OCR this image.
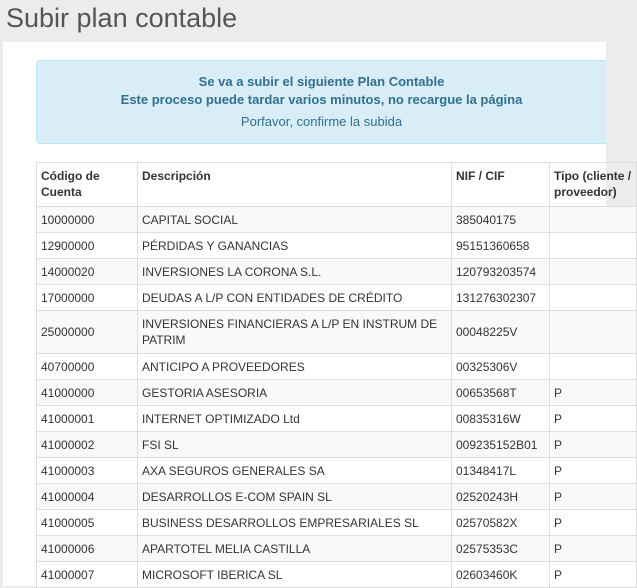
Subir plan contable
Se va a subir el siguiente Plan Contable
Este proceso puede tardar varios minutos, no recargue la página
Porfavor, confirme la subida
Código de Cuenta	Descripción	NIF / CIF	Tipo (cliente / proveedor)
10000000	CAPITAL SOCIAL	385040175	
12900000	PÉRDIDAS Y GANANCIAS	95151360658	
14000020	INVERSIONES LA CORONA S.L.	120793203574	
17000000	DEUDAS A L/P CON ENTIDADES DE CRÉDITO	131276302307	
25000000	INVERSIONES FINANCIERAS A L/P EN INSTRUM DE PATRIM	00048225V	
40700000	ANTICIPO A PROVEEDORES	00325306V	
41000000	GESTORIA ASESORIA	00653568T	P
41000001	INTERNET OPTIMIZADO Ltd	00835316W	P
41000002	FSI SL	009235152B01	P
41000003	AXA SEGUROS GENERALES SA	01348417L	P
41000004	DESARROLLOS E-COM SPAIN SL	02520243H	P
41000005	BUSINESS DESARROLLOS EMPRESARIALES SL	02570582X	P
41000006	APARTOTEL MELIA CASTILLA	02575353C	P
41000007	MICROSOFT IBERICA SL	02603460K	P
